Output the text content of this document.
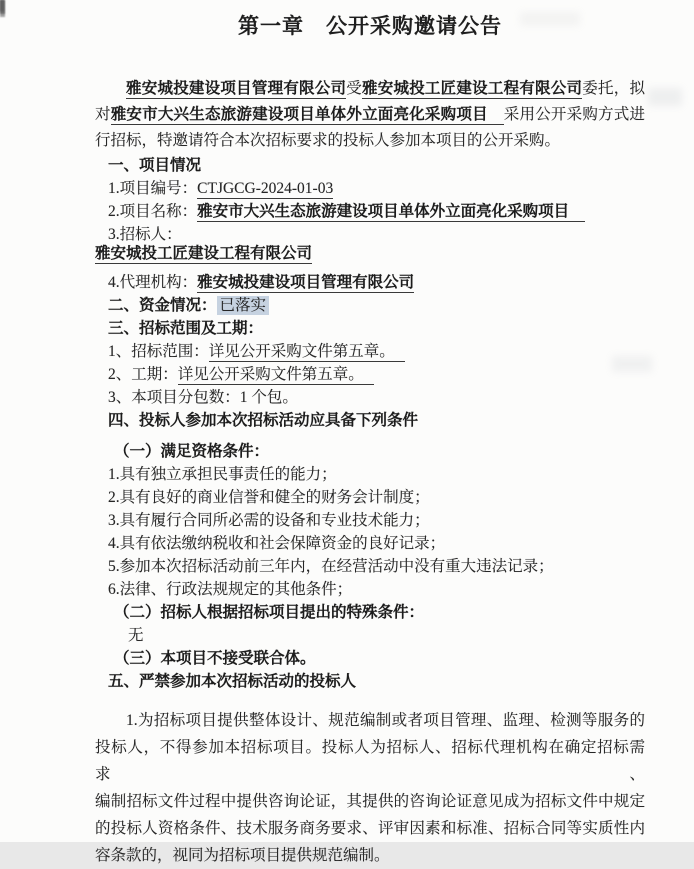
第一章　公开采购邀请公告
雅安城投建设项目管理有限公司受雅安城投工匠建设工程有限公司委托，拟
对雅安市大兴生态旅游建设项目单体外立面亮化采购项目 采用公开采购方式进
行招标，特邀请符合本次招标要求的投标人参加本项目的公开采购。
一、项目情况
1.项目编号：CTJGCG-2024-01-03
2.项目名称：雅安市大兴生态旅游建设项目单体外立面亮化采购项目
3.招标人：
雅安城投工匠建设工程有限公司
4.代理机构：雅安城投建设项目管理有限公司
二、资金情况： 已落实
三、招标范围及工期：
1、招标范围：详见公开采购文件第五章。
2、工期：详见公开采购文件第五章。
3、本项目分包数：1 个包。
四、投标人参加本次招标活动应具备下列条件
（一）满足资格条件：
1.具有独立承担民事责任的能力；
2.具有良好的商业信誉和健全的财务会计制度；
3.具有履行合同所必需的设备和专业技术能力；
4.具有依法缴纳税收和社会保障资金的良好记录；
5.参加本次招标活动前三年内，在经营活动中没有重大违法记录；
6.法律、行政法规规定的其他条件；
（二）招标人根据招标项目提出的特殊条件：
无
（三）本项目不接受联合体。
五、严禁参加本次招标活动的投标人
1.为招标项目提供整体设计、规范编制或者项目管理、监理、检测等服务的
投标人，不得参加本招标项目。投标人为招标人、招标代理机构在确定招标需求、
编制招标文件过程中提供咨询论证，其提供的咨询论证意见成为招标文件中规定
的投标人资格条件、技术服务商务要求、评审因素和标准、招标合同等实质性内
容条款的，视同为招标项目提供规范编制。
